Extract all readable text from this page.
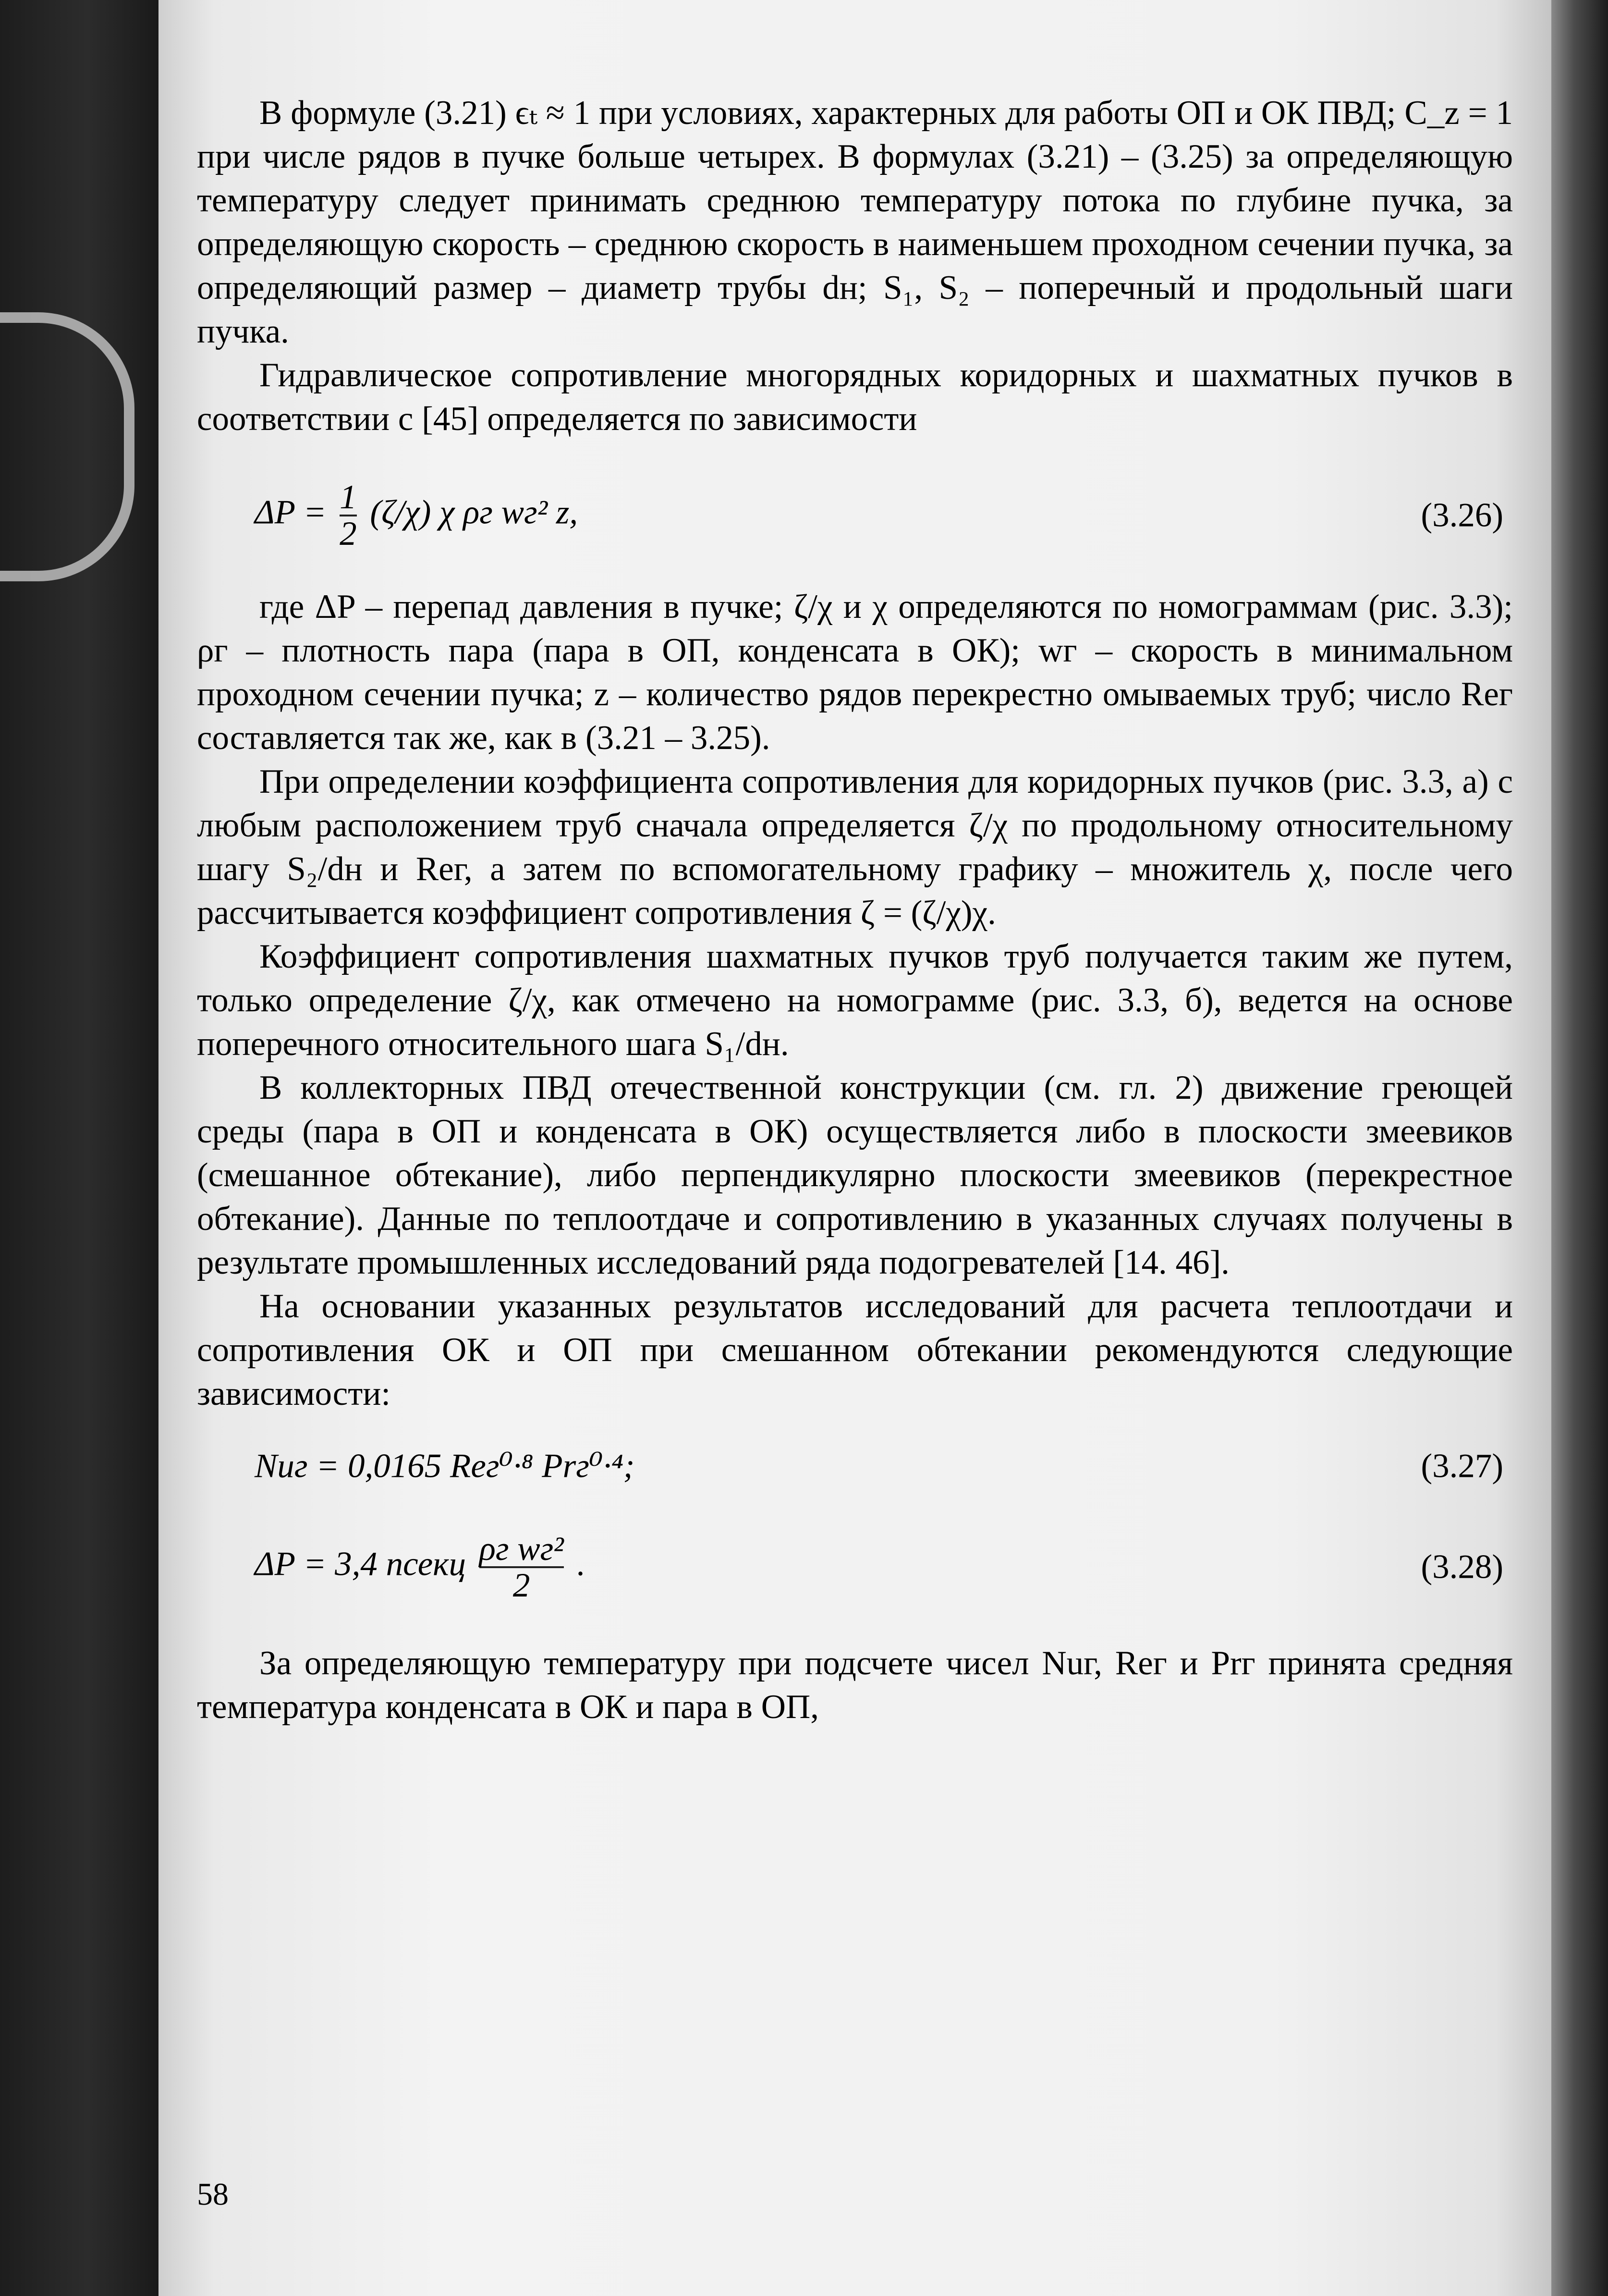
В формуле (3.21) ϵₜ ≈ 1 при условиях, характерных для работы ОП и ОК ПВД; C_z = 1 при числе рядов в пучке больше четырех. В формулах (3.21) – (3.25) за определяющую температуру следует принимать среднюю температуру потока по глубине пучка, за определяющую скорость – среднюю скорость в наименьшем проходном сечении пучка, за определяющий размер – диаметр трубы dн; S₁, S₂ – поперечный и продольный шаги пучка.

Гидравлическое сопротивление многорядных коридорных и шахматных пучков в соответствии с [45] определяется по зависимости

$\Delta P = \frac{1}{2} (\zeta/\chi)$ χ ρг wг² z,	(3.26)

где ΔP – перепад давления в пучке; ζ/χ и χ определяются по номограммам (рис. 3.3); ρг – плотность пара (пара в ОП, конденсата в ОК); wг – скорость в минимальном проходном сечении пучка; z – количество рядов перекрестно омываемых труб; число Reг составляется так же, как в (3.21 – 3.25).

При определении коэффициента сопротивления для коридорных пучков (рис. 3.3, а) с любым расположением труб сначала определяется ζ/χ по продольному относительному шагу S₂/dн и Reг, а затем по вспомогательному графику – множитель χ, после чего рассчитывается коэффициент сопротивления ζ = (ζ/χ)χ.

Коэффициент сопротивления шахматных пучков труб получается таким же путем, только определение ζ/χ, как отмечено на номограмме (рис. 3.3, б), ведется на основе поперечного относительного шага S₁/dн.

В коллекторных ПВД отечественной конструкции (см. гл. 2) движение греющей среды (пара в ОП и конденсата в ОК) осуществляется либо в плоскости змеевиков (смешанное обтекание), либо перпендикулярно плоскости змеевиков (перекрестное обтекание). Данные по теплоотдаче и сопротивлению в указанных случаях получены в результате промышленных исследований ряда подогревателей [14. 46].

На основании указанных результатов исследований для расчета теплоотдачи и сопротивления ОК и ОП при смешанном обтекании рекомендуются следующие зависимости:

Nuг = 0,0165 Reг⁰·⁸ Prг⁰·⁴;	(3.27)
ΔP = 3,4 nсекц $\frac{\text{ρг wг²}}{2}$ .	(3.28)

За определяющую температуру при подсчете чисел Nuг, Reг и Prг принята средняя температура конденсата в ОК и пара в ОП,

58
